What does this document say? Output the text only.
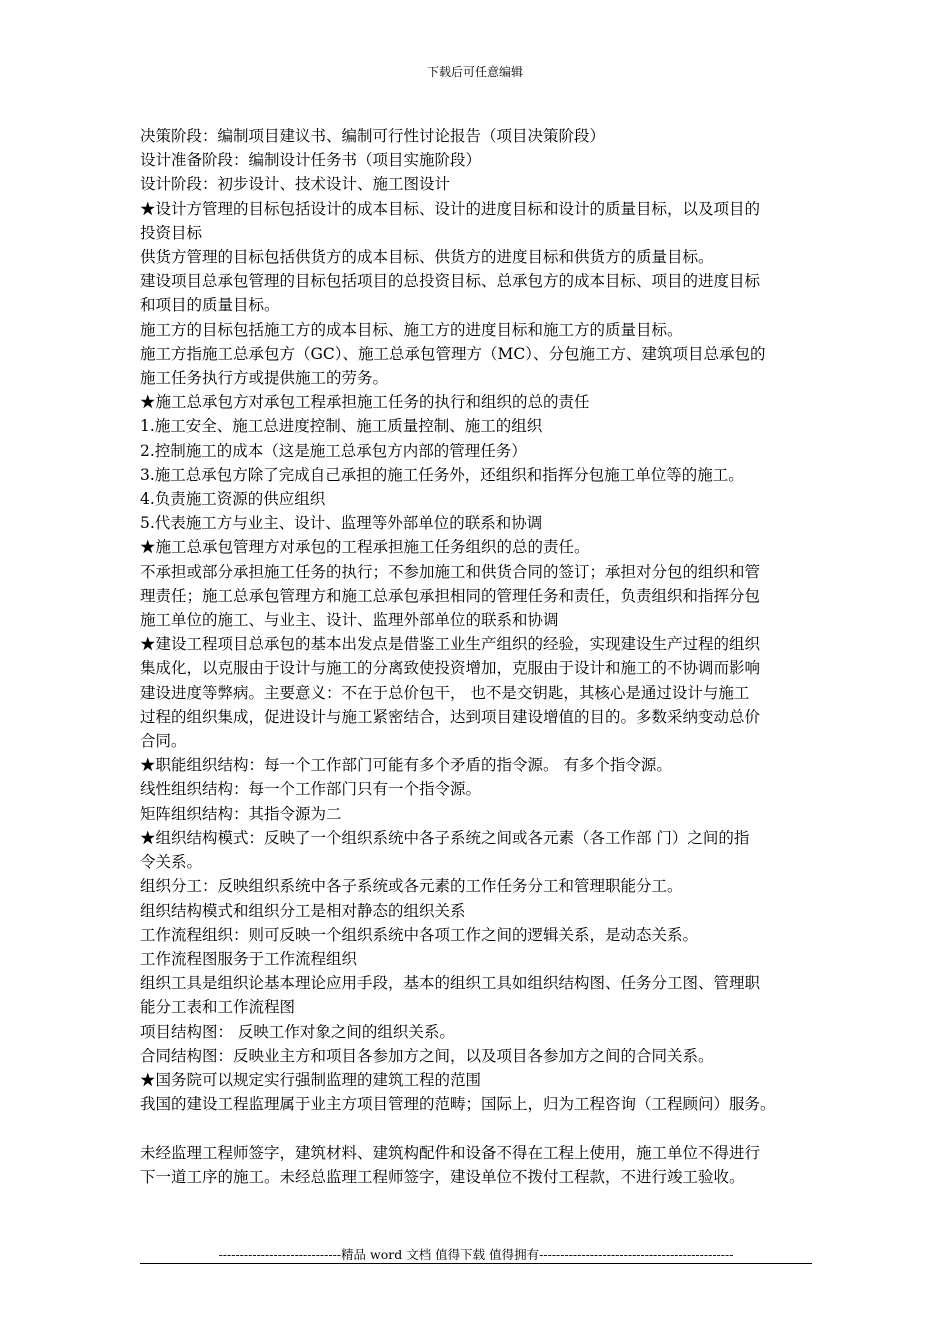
下载后可任意编辑
决策阶段：编制项目建议书、编制可行性讨论报告（项目决策阶段）
设计准备阶段：编制设计任务书（项目实施阶段）
设计阶段：初步设计、技术设计、施工图设计
★设计方管理的目标包括设计的成本目标、设计的进度目标和设计的质量目标，以及项目的
投资目标
供货方管理的目标包括供货方的成本目标、供货方的进度目标和供货方的质量目标。
建设项目总承包管理的目标包括项目的总投资目标、总承包方的成本目标、项目的进度目标
和项目的质量目标。
施工方的目标包括施工方的成本目标、施工方的进度目标和施工方的质量目标。
施工方指施工总承包方（GC）、施工总承包管理方（MC）、分包施工方、建筑项目总承包的
施工任务执行方或提供施工的劳务。
★施工总承包方对承包工程承担施工任务的执行和组织的总的责任
1.施工安全、施工总进度控制、施工质量控制、施工的组织
2.控制施工的成本（这是施工总承包方内部的管理任务）
3.施工总承包方除了完成自己承担的施工任务外，还组织和指挥分包施工单位等的施工。
4.负责施工资源的供应组织
5.代表施工方与业主、设计、监理等外部单位的联系和协调
★施工总承包管理方对承包的工程承担施工任务组织的总的责任。
不承担或部分承担施工任务的执行；不参加施工和供货合同的签订；承担对分包的组织和管
理责任；施工总承包管理方和施工总承包承担相同的管理任务和责任，负责组织和指挥分包
施工单位的施工、与业主、设计、监理外部单位的联系和协调
★建设工程项目总承包的基本出发点是借鉴工业生产组织的经验，实现建设生产过程的组织
集成化，以克服由于设计与施工的分离致使投资增加，克服由于设计和施工的不协调而影响
建设进度等弊病。主要意义：不在于总价包干， 也不是交钥匙，其核心是通过设计与施工
过程的组织集成，促进设计与施工紧密结合，达到项目建设增值的目的。多数采纳变动总价
合同。
★职能组织结构：每一个工作部门可能有多个矛盾的指令源。 有多个指令源。
线性组织结构：每一个工作部门只有一个指令源。
矩阵组织结构：其指令源为二
★组织结构模式：反映了一个组织系统中各子系统之间或各元素（各工作部 门）之间的指
令关系。
组织分工：反映组织系统中各子系统或各元素的工作任务分工和管理职能分工。
组织结构模式和组织分工是相对静态的组织关系
工作流程组织：则可反映一个组织系统中各项工作之间的逻辑关系，是动态关系。
工作流程图服务于工作流程组织
组织工具是组织论基本理论应用手段，基本的组织工具如组织结构图、任务分工图、管理职
能分工表和工作流程图
项目结构图： 反映工作对象之间的组织关系。
合同结构图：反映业主方和项目各参加方之间，以及项目各参加方之间的合同关系。
★国务院可以规定实行强制监理的建筑工程的范围
我国的建设工程监理属于业主方项目管理的范畴；国际上，归为工程咨询（工程顾问）服务。
未经监理工程师签字，建筑材料、建筑构配件和设备不得在工程上使用，施工单位不得进行
下一道工序的施工。未经总监理工程师签字，建设单位不拨付工程款，不进行竣工验收。
-----------------------------精品 word 文档 值得下载 值得拥有----------------------------------------------
